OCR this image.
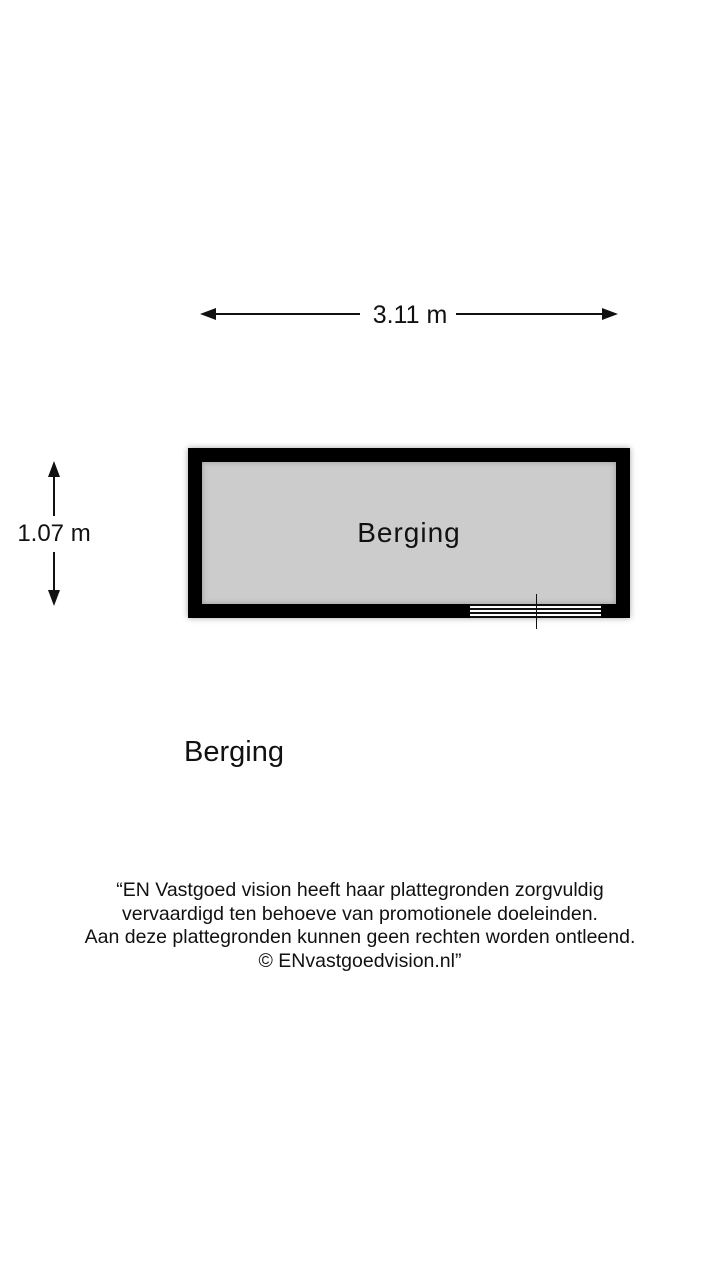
3.11 m
1.07 m	Berging
Berging
“EN Vastgoed vision heeft haar plattegronden zorgvuldig
vervaardigd ten behoeve van promotionele doeleinden.
Aan deze plattegronden kunnen geen rechten worden ontleend.
© ENvastgoedvision.nl”
